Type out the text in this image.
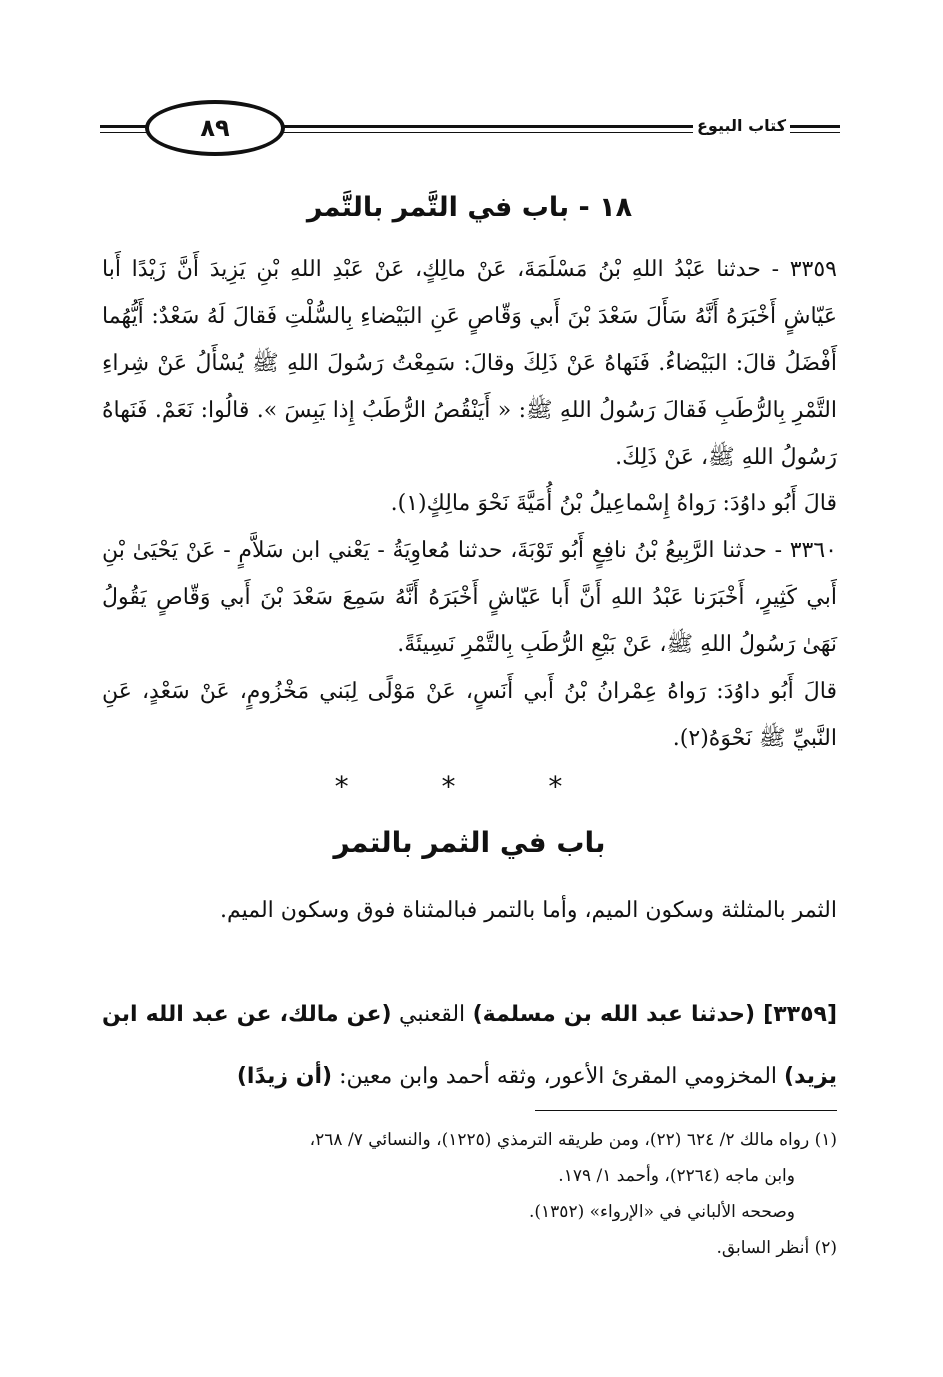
٨٩	كتاب البيوع
١٨ - باب في التَّمر بالتَّمر
٣٣٥٩ - حدثنا عَبْدُ اللهِ بْنُ مَسْلَمَةَ، عَنْ مالِكٍ، عَنْ عَبْدِ اللهِ بْنِ يَزِيدَ أَنَّ زَيْدًا أَبا عَيّاشٍ أَخْبَرَهُ أَنَّهُ سَأَلَ سَعْدَ بْنَ أَبي وَقّاصٍ عَنِ البَيْضاءِ بِالسُّلْتِ فَقالَ لَهُ سَعْدٌ: أَيُّهُما أَفْضَلُ قالَ: البَيْضاءُ. فَنَهاهُ عَنْ ذَلِكَ وقالَ: سَمِعْتُ رَسُولَ اللهِ ﷺ يُسْأَلُ عَنْ شِراءِ التَّمْرِ بِالرُّطَبِ فَقالَ رَسُولُ اللهِ ﷺ: « أَيَنْقُصُ الرُّطَبُ إِذا يَبِسَ ». قالُوا: نَعَمْ. فَنَهاهُ رَسُولُ اللهِ ﷺ، عَنْ ذَلِكَ.
قالَ أَبُو داوُدَ: رَواهُ إِسْماعِيلُ بْنُ أُمَيَّةَ نَحْوَ مالِكٍ(١).
٣٣٦٠ - حدثنا الرَّبِيعُ بْنُ نافِعٍ أَبُو تَوْبَةَ، حدثنا مُعاوِيَةُ - يَعْني ابن سَلاَّمٍ - عَنْ يَحْيَىٰ بْنِ أَبي كَثِيرٍ، أَخْبَرَنا عَبْدُ اللهِ أَنَّ أَبا عَيّاشٍ أَخْبَرَهُ أَنَّهُ سَمِعَ سَعْدَ بْنَ أَبي وَقّاصٍ يَقُولُ نَهَىٰ رَسُولُ اللهِ ﷺ، عَنْ بَيْعِ الرُّطَبِ بِالتَّمْرِ نَسِيئَةً.
قالَ أَبُو داوُدَ: رَواهُ عِمْرانُ بْنُ أَبي أَنَسٍ، عَنْ مَوْلًى لِبَني مَخْزُومٍ، عَنْ سَعْدٍ، عَنِ النَّبيِّ ﷺ نَحْوَهُ(٢).
* * *
باب في الثمر بالتمر
الثمر بالمثلثة وسكون الميم، وأما بالتمر فبالمثناة فوق وسكون الميم.
[٣٣٥٩] (حدثنا عبد الله بن مسلمة) القعنبي (عن مالك، عن عبد الله ابن يزيد) المخزومي المقرئ الأعور، وثقه أحمد وابن معين: (أن زيدًا)
(١) رواه مالك ٢/ ٦٢٤ (٢٢)، ومن طريقه الترمذي (١٢٢٥)، والنسائي ٧/ ٢٦٨،
وابن ماجه (٢٢٦٤)، وأحمد ١/ ١٧٩.
وصححه الألباني في «الإرواء» (١٣٥٢).
(٢) أنظر السابق.
